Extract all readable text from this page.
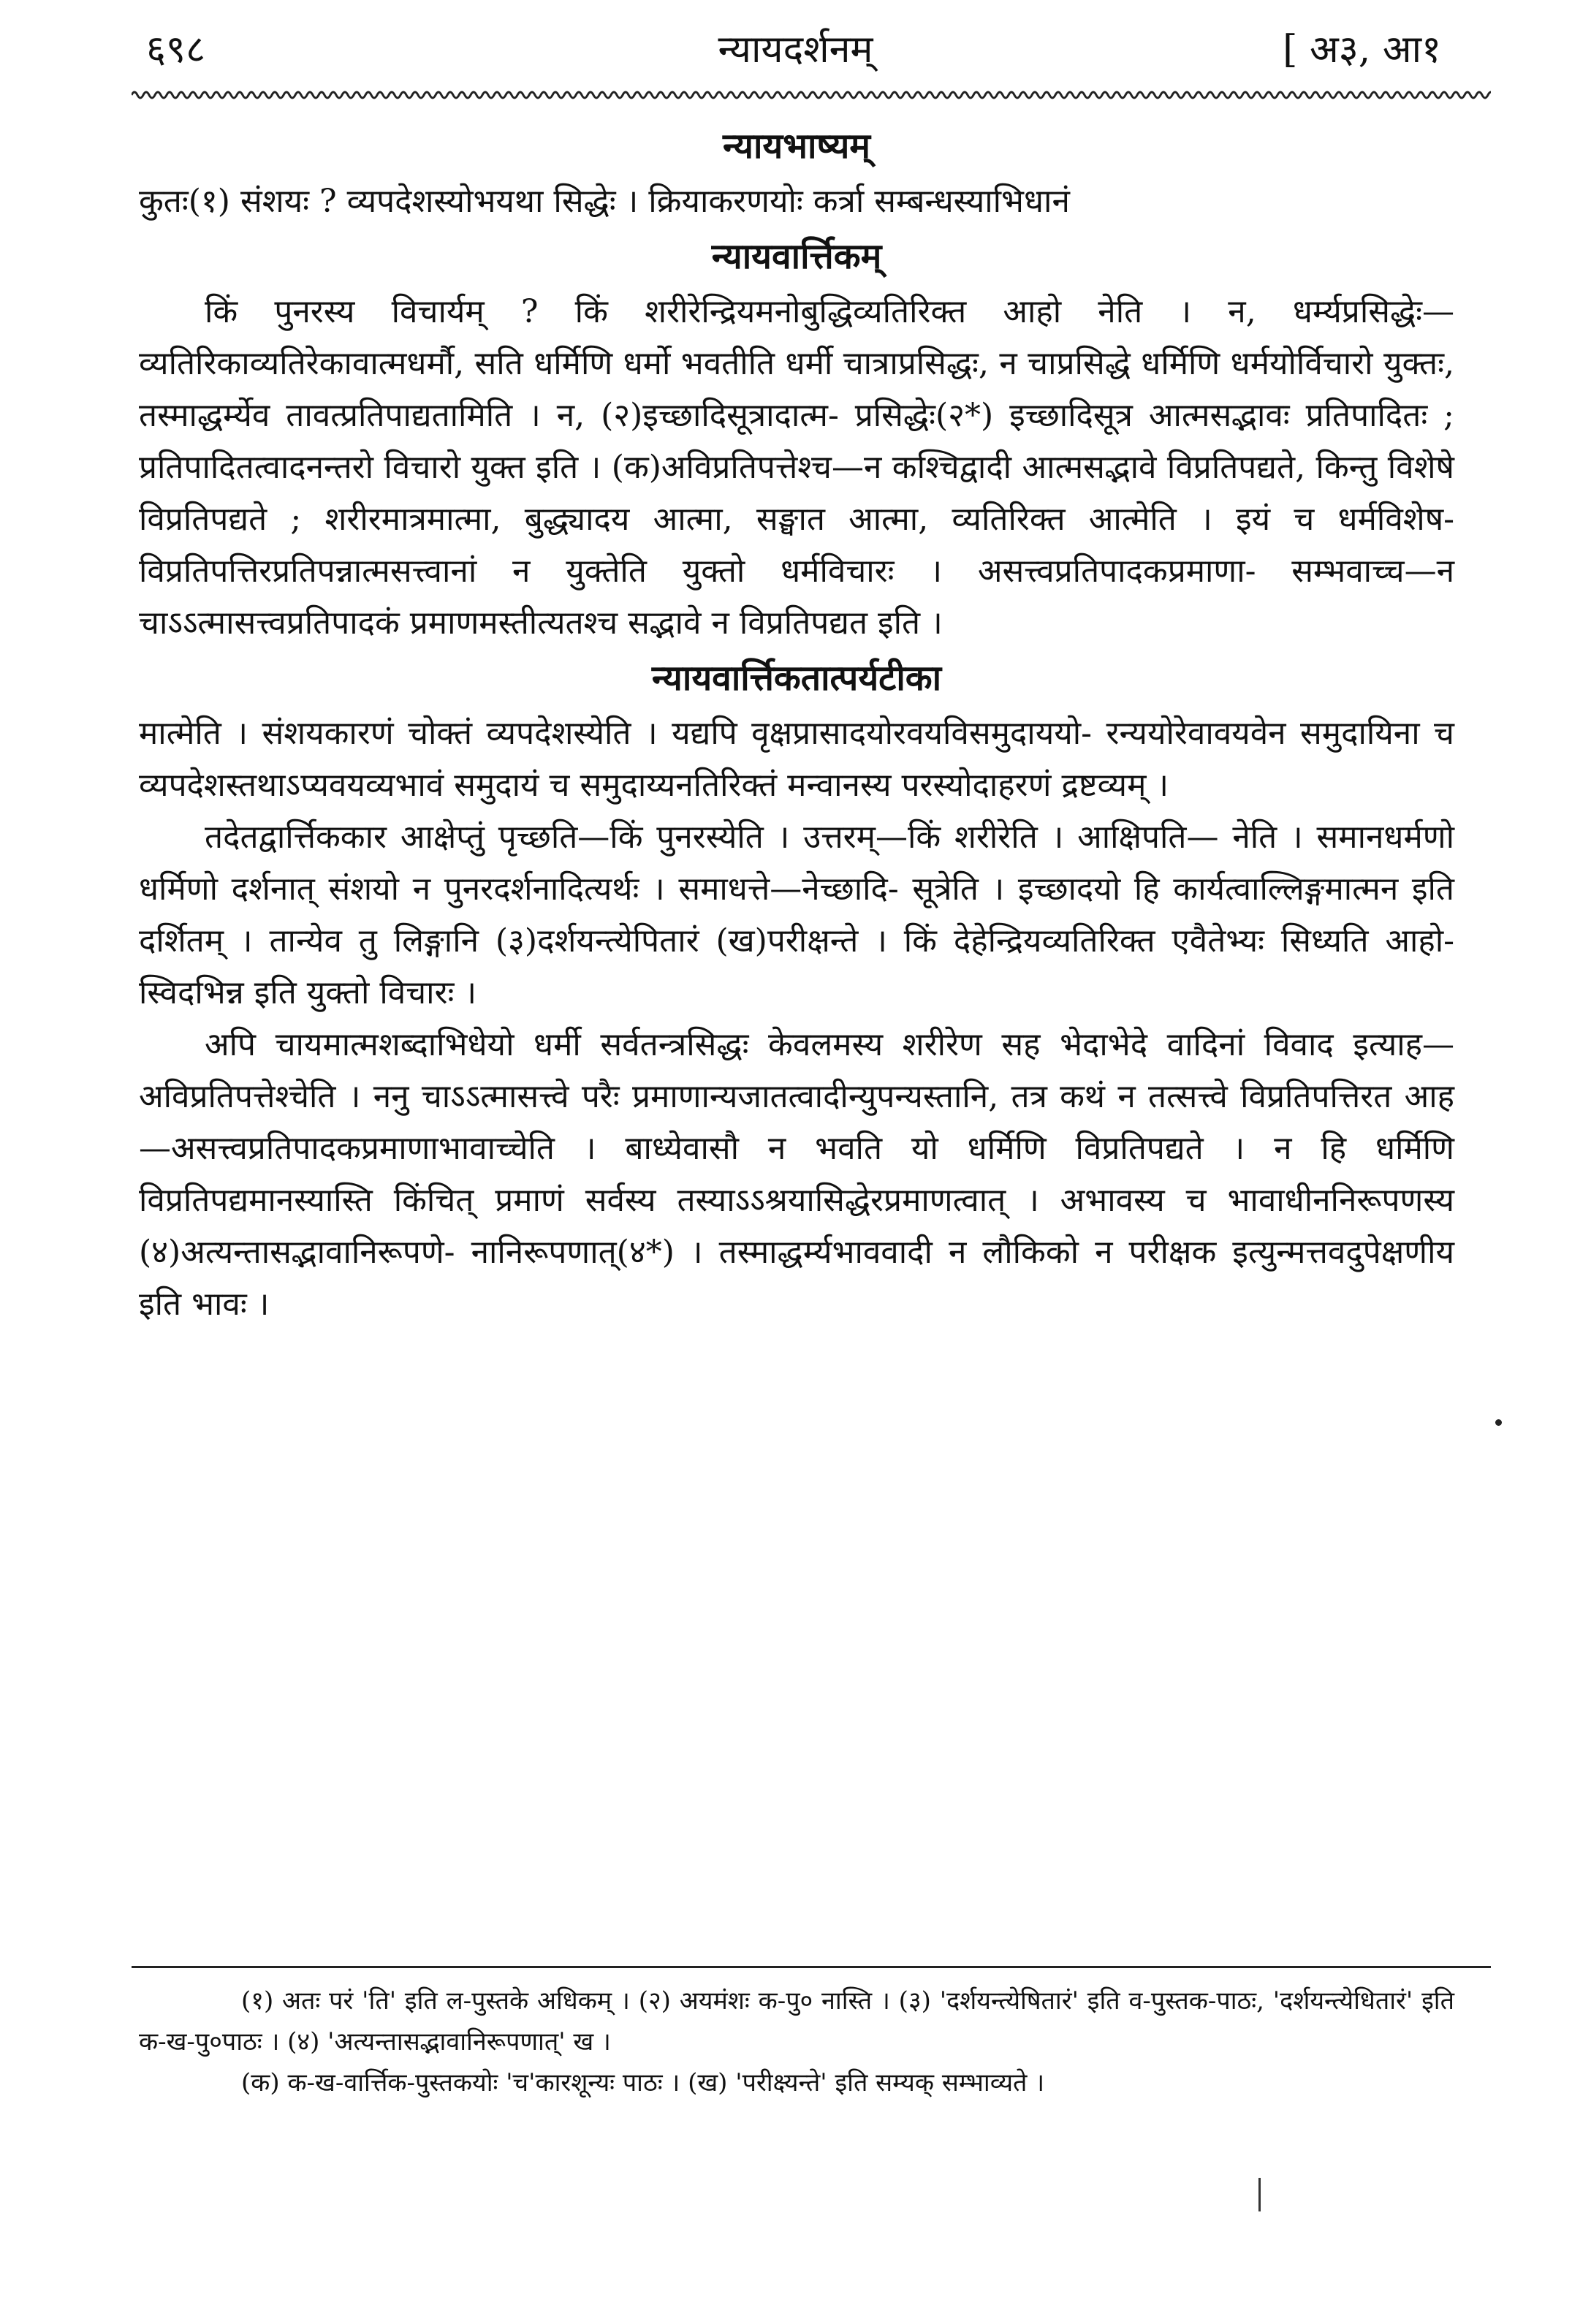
६९८	न्यायदर्शनम्	[ अ३, आ१
न्यायभाष्यम्

कुतः(१) संशयः ? व्यपदेशस्योभयथा सिद्धेः । क्रियाकरणयोः कर्त्रा सम्बन्धस्याभिधानं

न्यायवार्त्तिकम्

किं पुनरस्य विचार्यम् ? किं शरीरेन्द्रियमनोबुद्धिव्यतिरिक्त आहो नेति । न, धर्म्यप्रसिद्धेः— व्यतिरिकाव्यतिरेकावात्मधर्मौ, सति धर्मिणि धर्मो भवतीति धर्मी चात्राप्रसिद्धः, न चाप्रसिद्धे धर्मिणि धर्मयोर्विचारो युक्तः, तस्माद्धर्म्येव तावत्प्रतिपाद्यतामिति । न, (२)इच्छादिसूत्रादात्म- प्रसिद्धेः(२*) इच्छादिसूत्र आत्मसद्भावः प्रतिपादितः ; प्रतिपादितत्वादनन्तरो विचारो युक्त इति । (क)अविप्रतिपत्तेश्च—न कश्चिद्वादी आत्मसद्भावे विप्रतिपद्यते, किन्तु विशेषे विप्रतिपद्यते ; शरीरमात्रमात्मा, बुद्ध्यादय आत्मा, सङ्घात आत्मा, व्यतिरिक्त आत्मेति । इयं च धर्मविशेष- विप्रतिपत्तिरप्रतिपन्नात्मसत्त्वानां न युक्तेति युक्तो धर्मविचारः । असत्त्वप्रतिपादकप्रमाणा- सम्भवाच्च—न चाऽऽत्मासत्त्वप्रतिपादकं प्रमाणमस्तीत्यतश्च सद्भावे न विप्रतिपद्यत इति ।

न्यायवार्त्तिकतात्पर्यटीका

मात्मेति । संशयकारणं चोक्तं व्यपदेशस्येति । यद्यपि वृक्षप्रासादयोरवयविसमुदाययो- रन्ययोरेवावयवेन समुदायिना च व्यपदेशस्तथाऽप्यवयव्यभावं समुदायं च समुदाय्यनतिरिक्तं मन्वानस्य परस्योदाहरणं द्रष्टव्यम् ।

तदेतद्वार्त्तिककार आक्षेप्तुं पृच्छति—किं पुनरस्येति । उत्तरम्—किं शरीरेति । आक्षिपति— नेति । समानधर्मणो धर्मिणो दर्शनात् संशयो न पुनरदर्शनादित्यर्थः । समाधत्ते—नेच्छादि- सूत्रेति । इच्छादयो हि कार्यत्वाल्लिङ्गमात्मन इति दर्शितम् । तान्येव तु लिङ्गानि (३)दर्शयन्त्येपितारं (ख)परीक्षन्ते । किं देहेन्द्रियव्यतिरिक्त एवैतेभ्यः सिध्यति आहो- स्विदभिन्न इति युक्तो विचारः ।

अपि चायमात्मशब्दाभिधेयो धर्मी सर्वतन्त्रसिद्धः केवलमस्य शरीरेण सह भेदाभेदे वादिनां विवाद इत्याह—अविप्रतिपत्तेश्चेति । ननु चाऽऽत्मासत्त्वे परैः प्रमाणान्यजातत्वादीन्युपन्यस्तानि, तत्र कथं न तत्सत्त्वे विप्रतिपत्तिरत आह—असत्त्वप्रतिपादकप्रमाणाभावाच्चेति । बाध्येवासौ न भवति यो धर्मिणि विप्रतिपद्यते । न हि धर्मिणि विप्रतिपद्यमानस्यास्ति किंचित् प्रमाणं सर्वस्य तस्याऽऽश्रयासिद्धेरप्रमाणत्वात् । अभावस्य च भावाधीननिरूपणस्य (४)अत्यन्तासद्भावानिरूपणे- नानिरूपणात्(४*) । तस्माद्धर्म्यभाववादी न लौकिको न परीक्षक इत्युन्मत्तवदुपेक्षणीय इति भावः ।

(१) अतः परं 'ति' इति ल-पुस्तके अधिकम् । (२) अयमंशः क-पु० नास्ति । (३) 'दर्शयन्त्येषितारं' इति व-पुस्तक-पाठः, 'दर्शयन्त्येधितारं' इति क-ख-पु०पाठः । (४) 'अत्यन्तासद्भावानिरूपणात्' ख ।

(क) क-ख-वार्त्तिक-पुस्तकयोः 'च'कारशून्यः पाठः । (ख) 'परीक्ष्यन्ते' इति सम्यक् सम्भाव्यते ।
